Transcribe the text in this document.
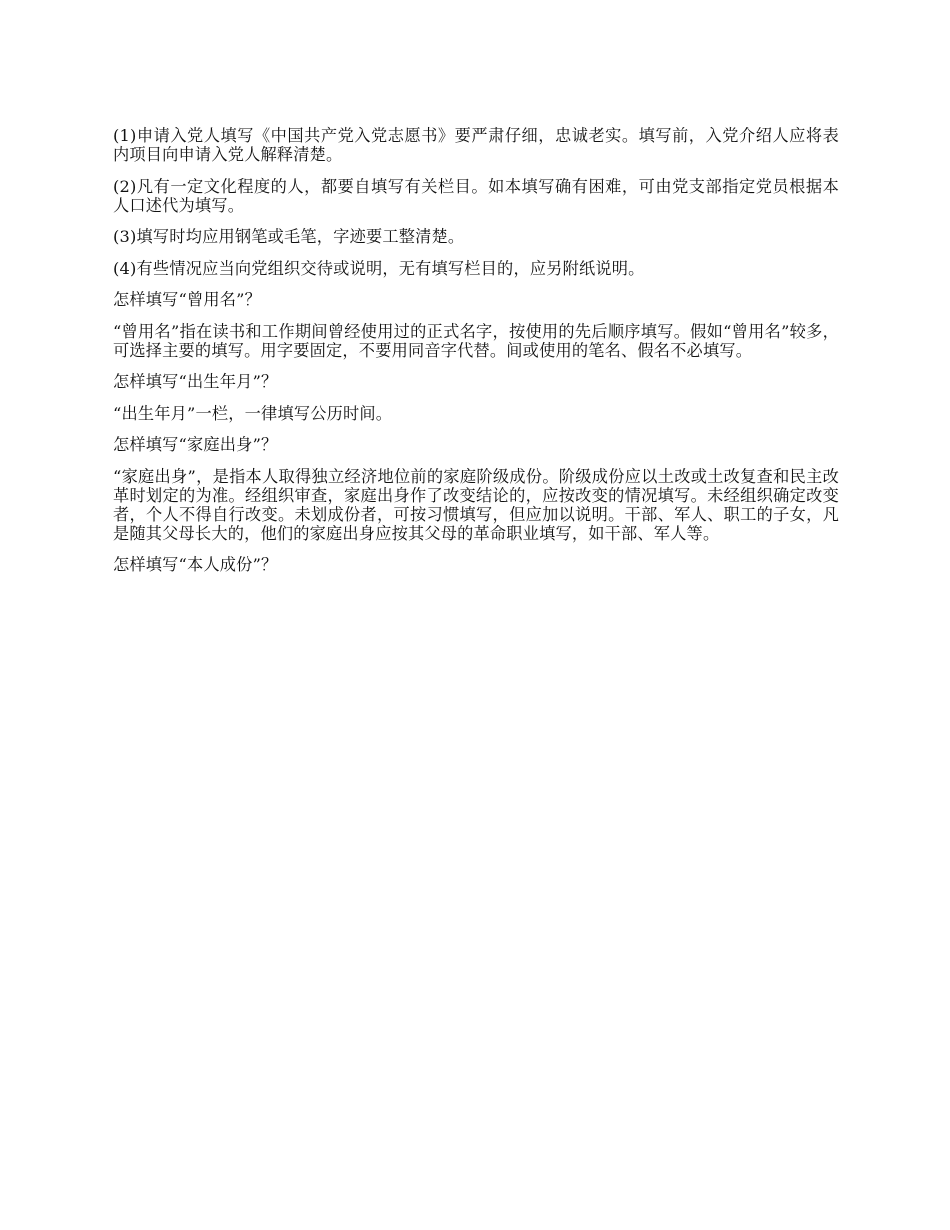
(1)申请入党人填写《中国共产党入党志愿书》要严肃仔细，忠诚老实。填写前，入党介绍人应将表内项目向申请入党人解释清楚。

(2)凡有一定文化程度的人，都要自填写有关栏目。如本填写确有困难，可由党支部指定党员根据本人口述代为填写。

(3)填写时均应用钢笔或毛笔，字迹要工整清楚。

(4)有些情况应当向党组织交待或说明，无有填写栏目的，应另附纸说明。

怎样填写“曾用名”？

“曾用名”指在读书和工作期间曾经使用过的正式名字，按使用的先后顺序填写。假如“曾用名”较多，可选择主要的填写。用字要固定，不要用同音字代替。间或使用的笔名、假名不必填写。

怎样填写“出生年月”？

“出生年月”一栏，一律填写公历时间。

怎样填写“家庭出身”？

“家庭出身”，是指本人取得独立经济地位前的家庭阶级成份。阶级成份应以土改或土改复查和民主改革时划定的为准。经组织审查，家庭出身作了改变结论的，应按改变的情况填写。未经组织确定改变者，个人不得自行改变。未划成份者，可按习惯填写，但应加以说明。干部、军人、职工的子女，凡是随其父母长大的，他们的家庭出身应按其父母的革命职业填写，如干部、军人等。

怎样填写“本人成份”？
